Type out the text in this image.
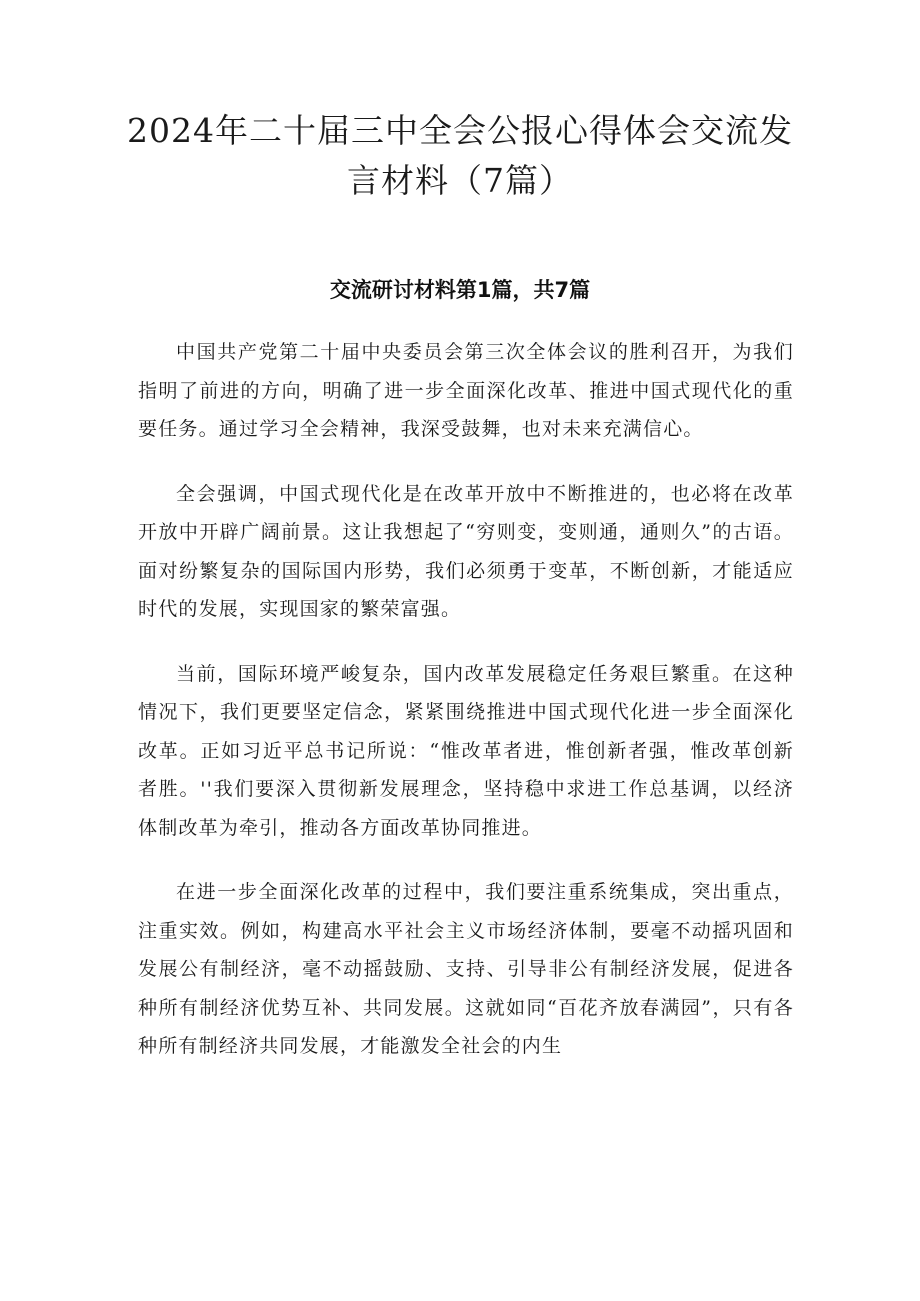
2024年二十届三中全会公报心得体会交流发言材料（7篇）
交流研讨材料第1篇，共7篇

中国共产党第二十届中央委员会第三次全体会议的胜利召开，为我们指明了前进的方向，明确了进一步全面深化改革、推进中国式现代化的重要任务。通过学习全会精神，我深受鼓舞，也对未来充满信心。

全会强调，中国式现代化是在改革开放中不断推进的，也必将在改革开放中开辟广阔前景。这让我想起了“穷则变，变则通，通则久”的古语。面对纷繁复杂的国际国内形势，我们必须勇于变革，不断创新，才能适应时代的发展，实现国家的繁荣富强。

当前，国际环境严峻复杂，国内改革发展稳定任务艰巨繁重。在这种情况下，我们更要坚定信念，紧紧围绕推进中国式现代化进一步全面深化改革。正如习近平总书记所说：“惟改革者进，惟创新者强，惟改革创新者胜。''我们要深入贯彻新发展理念，坚持稳中求进工作总基调，以经济体制改革为牵引，推动各方面改革协同推进。

在进一步全面深化改革的过程中，我们要注重系统集成，突出重点，注重实效。例如，构建高水平社会主义市场经济体制，要毫不动摇巩固和发展公有制经济，毫不动摇鼓励、支持、引导非公有制经济发展，促进各种所有制经济优势互补、共同发展。这就如同“百花齐放春满园”，只有各种所有制经济共同发展，才能激发全社会的内生
